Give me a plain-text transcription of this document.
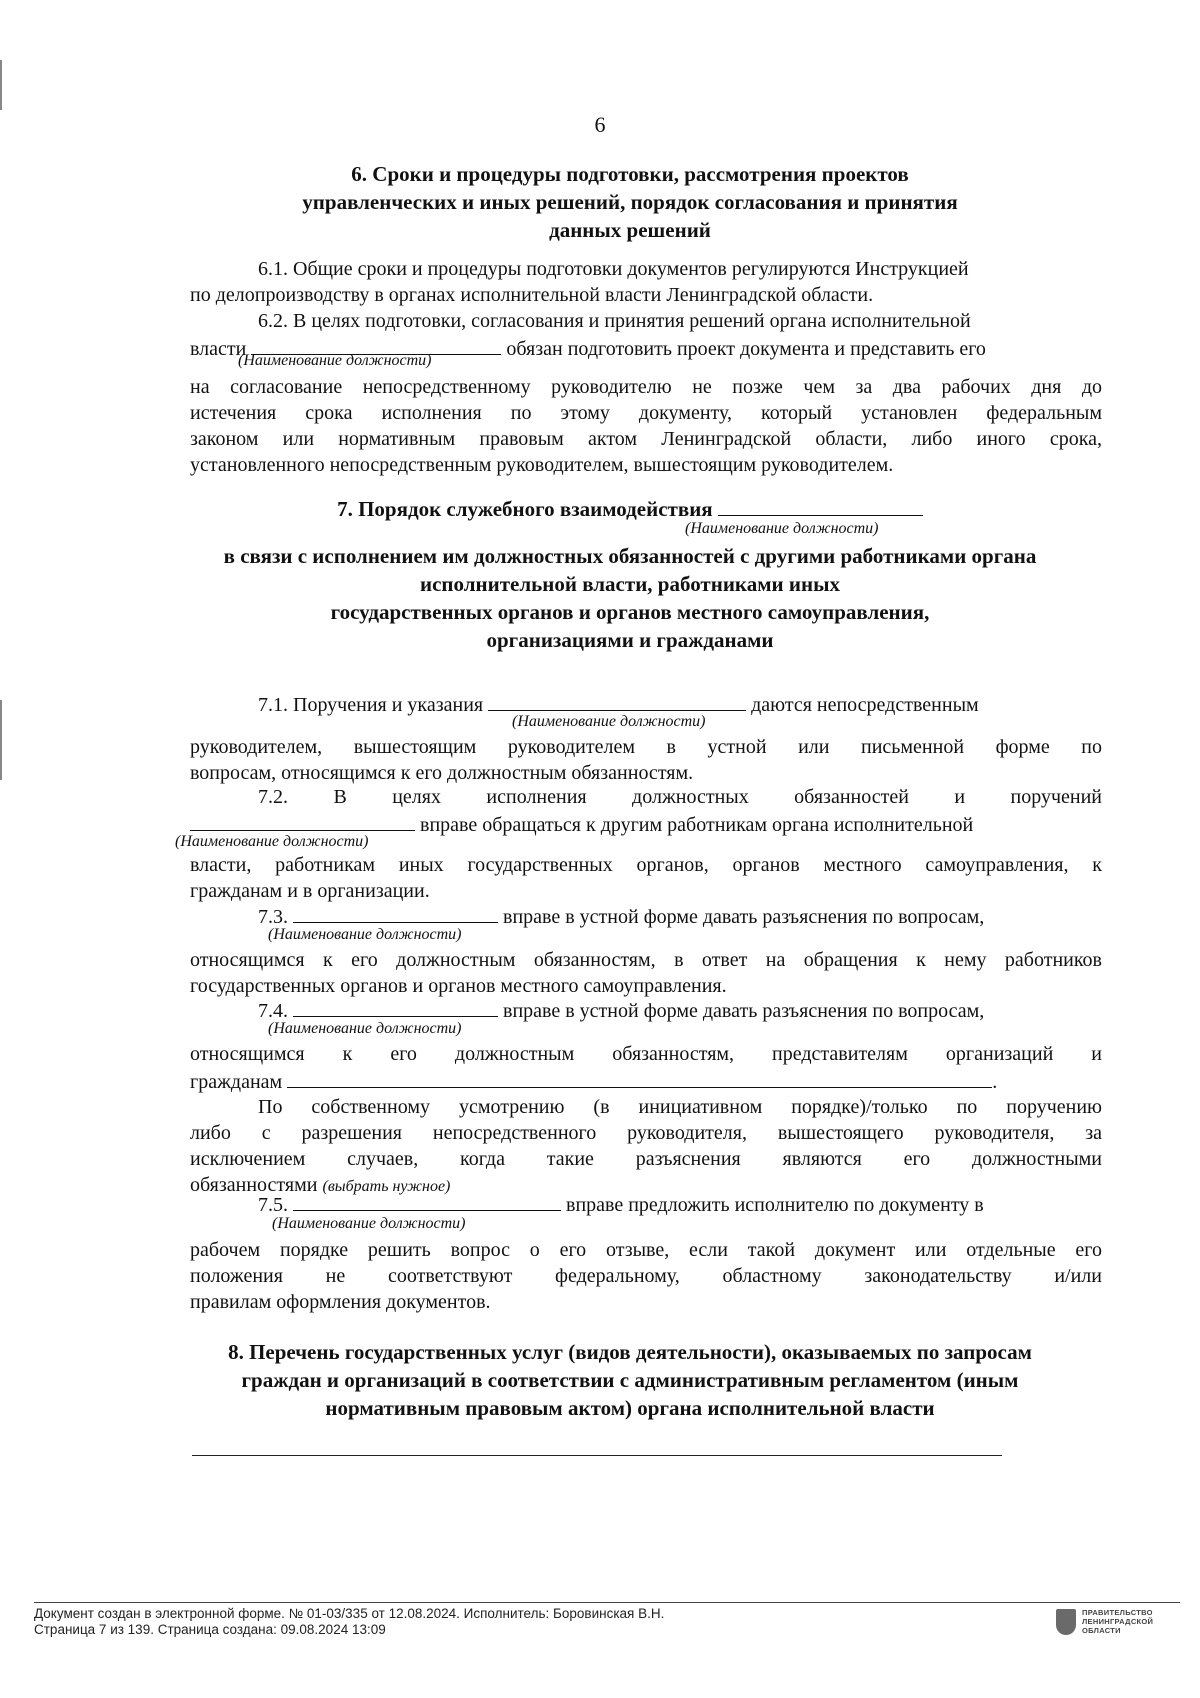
6
6. Сроки и процедуры подготовки, рассмотрения проектов
управленческих и иных решений, порядок согласования и принятия
данных решений
6.1. Общие сроки и процедуры подготовки документов регулируются Инструкцией
по делопроизводству в органах исполнительной власти Ленинградской области.
6.2. В целях подготовки, согласования и принятия решений органа исполнительной
власти	обязан подготовить проект документа и представить его
(Наименование должности)
на согласование непосредственному руководителю не позже чем за два рабочих дня до
истечения срока исполнения по этому документу, который установлен федеральным
законом или нормативным правовым актом Ленинградской области, либо иного срока,
установленного непосредственным руководителем, вышестоящим руководителем.
7. Порядок служебного взаимодействия
(Наименование должности)
в связи с исполнением им должностных обязанностей с другими работниками органа
исполнительной власти, работниками иных
государственных органов и органов местного самоуправления,
организациями и гражданами
7.1. Поручения и указания	даются непосредственным
(Наименование должности)
руководителем, вышестоящим руководителем в устной или письменной форме по
вопросам, относящимся к его должностным обязанностям.
7.2. В целях исполнения должностных обязанностей и поручений
вправе обращаться к другим работникам органа исполнительной
(Наименование должности)
власти, работникам иных государственных органов, органов местного самоуправления, к
гражданам и в организации.
7.3.	вправе в устной форме давать разъяснения по вопросам,
(Наименование должности)
относящимся к его должностным обязанностям, в ответ на обращения к нему работников
государственных органов и органов местного самоуправления.
7.4.	вправе в устной форме давать разъяснения по вопросам,
(Наименование должности)
относящимся к его должностным обязанностям, представителям организаций и
гражданам	.
По собственному усмотрению (в инициативном порядке)/только по поручению
либо с разрешения непосредственного руководителя, вышестоящего руководителя, за
исключением случаев, когда такие разъяснения являются его должностными
обязанностями (выбрать нужное)
7.5.	вправе предложить исполнителю по документу в
(Наименование должности)
рабочем порядке решить вопрос о его отзыве, если такой документ или отдельные его
положения не соответствуют федеральному, областному законодательству и/или
правилам оформления документов.
8. Перечень государственных услуг (видов деятельности), оказываемых по запросам
граждан и организаций в соответствии с административным регламентом (иным
нормативным правовым актом) органа исполнительной власти
Документ создан в электронной форме. № 01-03/335 от 12.08.2024. Исполнитель: Боровинская В.Н.
Страница 7 из 139. Страница создана: 09.08.2024 13:09
ПРАВИТЕЛЬСТВО
ЛЕНИНГРАДСКОЙ
ОБЛАСТИ
